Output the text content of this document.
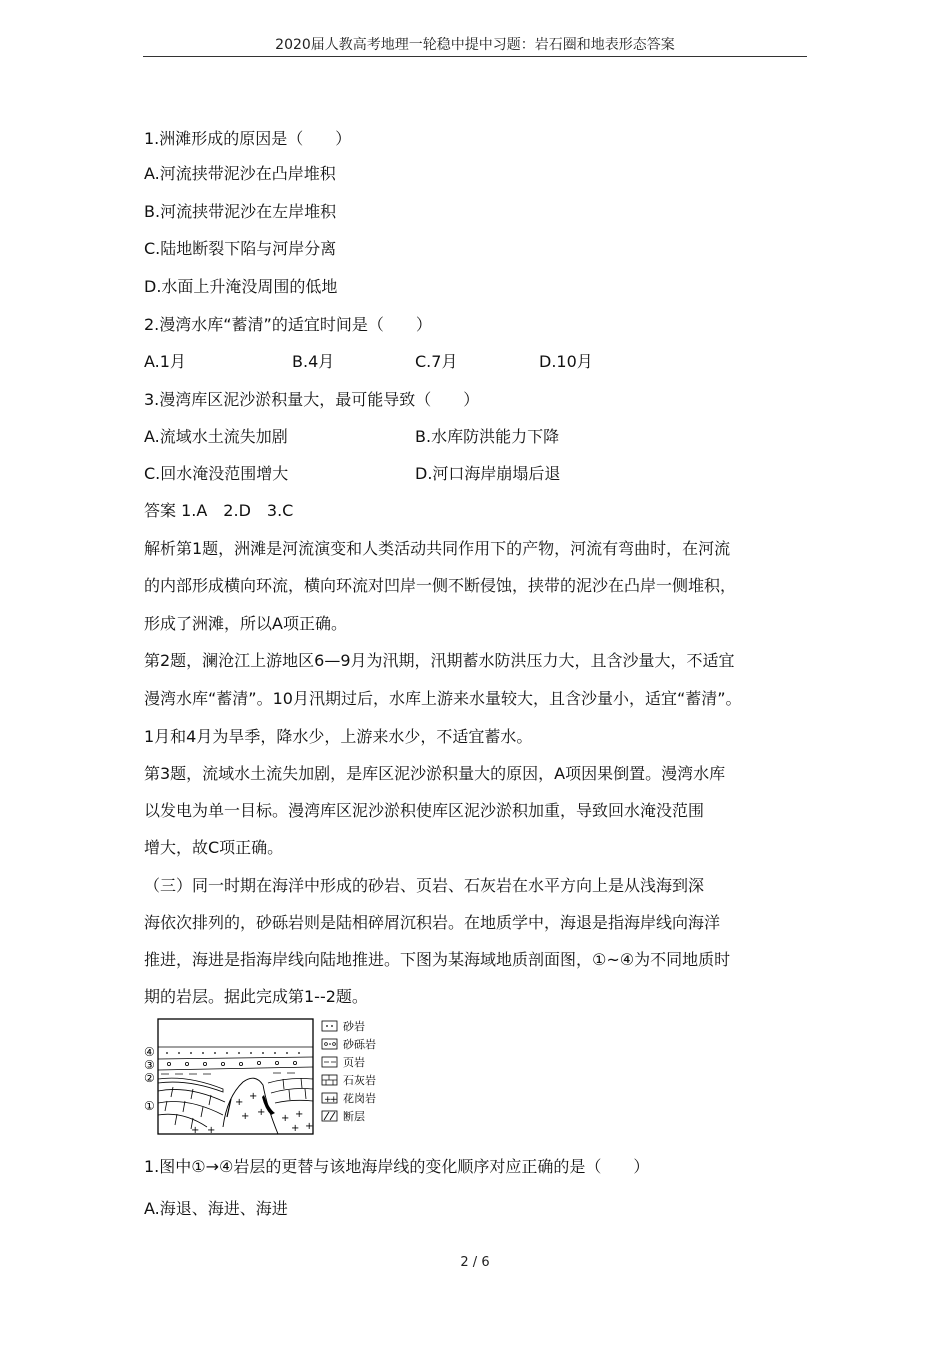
2020届人教高考地理一轮稳中提中习题：岩石圈和地表形态答案
1.洲滩形成的原因是（　　）
A.河流挟带泥沙在凸岸堆积
B.河流挟带泥沙在左岸堆积
C.陆地断裂下陷与河岸分离
D.水面上升淹没周围的低地
2.漫湾水库“蓄清”的适宜时间是（　　）
A.1月	B.4月	C.7月	D.10月
3.漫湾库区泥沙淤积量大，最可能导致（　　）
A.流域水土流失加剧	B.水库防洪能力下降
C.回水淹没范围增大	D.河口海岸崩塌后退
答案 1.A　2.D　3.C
解析第1题，洲滩是河流演变和人类活动共同作用下的产物，河流有弯曲时，在河流
的内部形成横向环流，横向环流对凹岸一侧不断侵蚀，挟带的泥沙在凸岸一侧堆积，
形成了洲滩，所以A项正确。
第2题，澜沧江上游地区6—9月为汛期，汛期蓄水防洪压力大，且含沙量大，不适宜
漫湾水库“蓄清”。10月汛期过后，水库上游来水量较大，且含沙量小，适宜“蓄清”。
1月和4月为旱季，降水少，上游来水少，不适宜蓄水。
第3题，流域水土流失加剧，是库区泥沙淤积量大的原因，A项因果倒置。漫湾水库
以发电为单一目标。漫湾库区泥沙淤积使库区泥沙淤积加重，导致回水淹没范围
增大，故C项正确。
（三）同一时期在海洋中形成的砂岩、页岩、石灰岩在水平方向上是从浅海到深
海依次排列的，砂砾岩则是陆相碎屑沉积岩。在地质学中，海退是指海岸线向海洋
推进，海进是指海岸线向陆地推进。下图为某海域地质剖面图，①~④为不同地质时
期的岩层。据此完成第1--2题。
④
③
②
①	+
+
+ +
+ +
+ +
+ +
砂岩
砂砾岩
页岩
石灰岩
+
+ 花岗岩
断层
1.图中①→④岩层的更替与该地海岸线的变化顺序对应正确的是（　　）
A.海退、海进、海进
2 / 6
